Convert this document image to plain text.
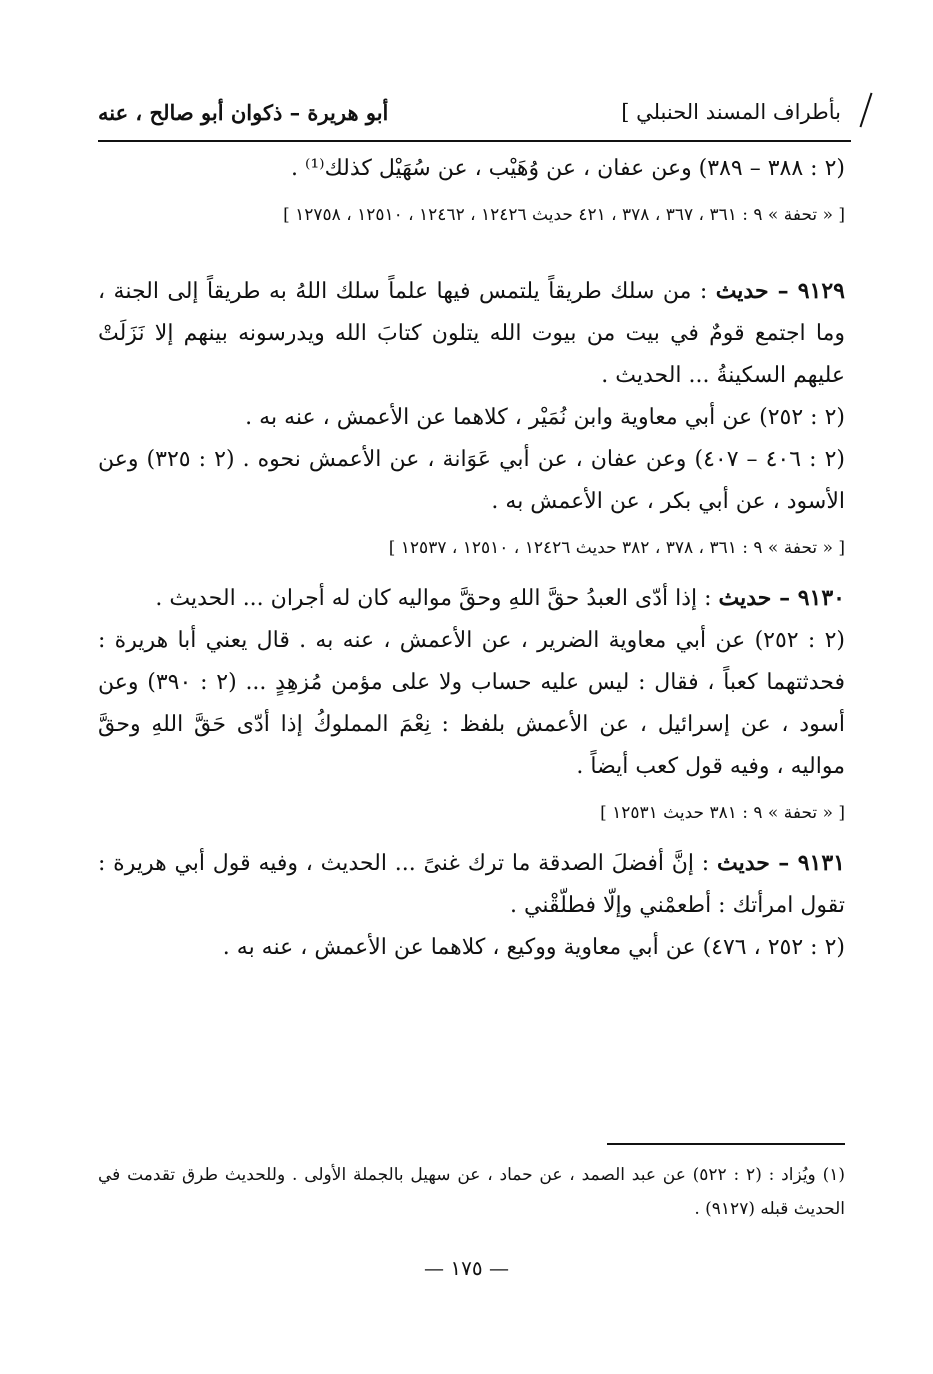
بأطراف المسند الحنبلي ]
أبو هريرة – ذكوان أبو صالح ، عنه

(٢ : ٣٨٨ – ٣٨٩) وعن عفان ، عن وُهَيْب ، عن سُهَيْل كذلك⁽¹⁾ .

[ « تحفة » ٩ : ٣٦١ ، ٣٦٧ ، ٣٧٨ ، ٤٢١ حديث ١٢٤٢٦ ، ١٢٤٦٢ ، ١٢٥١٠ ، ١٢٧٥٨ ]

٩١٢٩ – حديث : من سلك طريقاً يلتمس فيها علماً سلك اللهُ به طريقاً إلى الجنة ، وما اجتمع قومٌ في بيت من بيوت الله يتلون كتابَ الله ويدرسونه بينهم إلا نَزَلَتْ عليهم السكينةُ ... الحديث .

(٢ : ٢٥٢) عن أبي معاوية وابن نُمَيْر ، كلاهما عن الأعمش ، عنه به .

(٢ : ٤٠٦ – ٤٠٧) وعن عفان ، عن أبي عَوَانة ، عن الأعمش نحوه . (٢ : ٣٢٥) وعن الأسود ، عن أبي بكر ، عن الأعمش به .

[ « تحفة » ٩ : ٣٦١ ، ٣٧٨ ، ٣٨٢ حديث ١٢٤٢٦ ، ١٢٥١٠ ، ١٢٥٣٧ ]

٩١٣٠ – حديث : إذا أدّى العبدُ حقَّ اللهِ وحقَّ مواليه كان له أجران ... الحديث .

(٢ : ٢٥٢) عن أبي معاوية الضرير ، عن الأعمش ، عنه به . قال يعني أبا هريرة : فحدثتهما كعباً ، فقال : ليس عليه حساب ولا على مؤمن مُزهِدٍ ... (٢ : ٣٩٠) وعن أسود ، عن إسرائيل ، عن الأعمش بلفظ : نِعْمَ المملوكُ إذا أدّى حَقَّ اللهِ وحقَّ مواليه ، وفيه قول كعب أيضاً .

[ « تحفة » ٩ : ٣٨١ حديث ١٢٥٣١ ]

٩١٣١ – حديث : إنَّ أفضلَ الصدقة ما ترك غنىً ... الحديث ، وفيه قول أبي هريرة : تقول امرأتك : أطعمْني وإلّا فطلّقْني .

(٢ : ٢٥٢ ، ٤٧٦) عن أبي معاوية ووكيع ، كلاهما عن الأعمش ، عنه به .

(١) ويُزاد : (٢ : ٥٢٢) عن عبد الصمد ، عن حماد ، عن سهيل بالجملة الأولى . وللحديث طرق تقدمت في الحديث قبله (٩١٢٧) .

— ١٧٥ —
